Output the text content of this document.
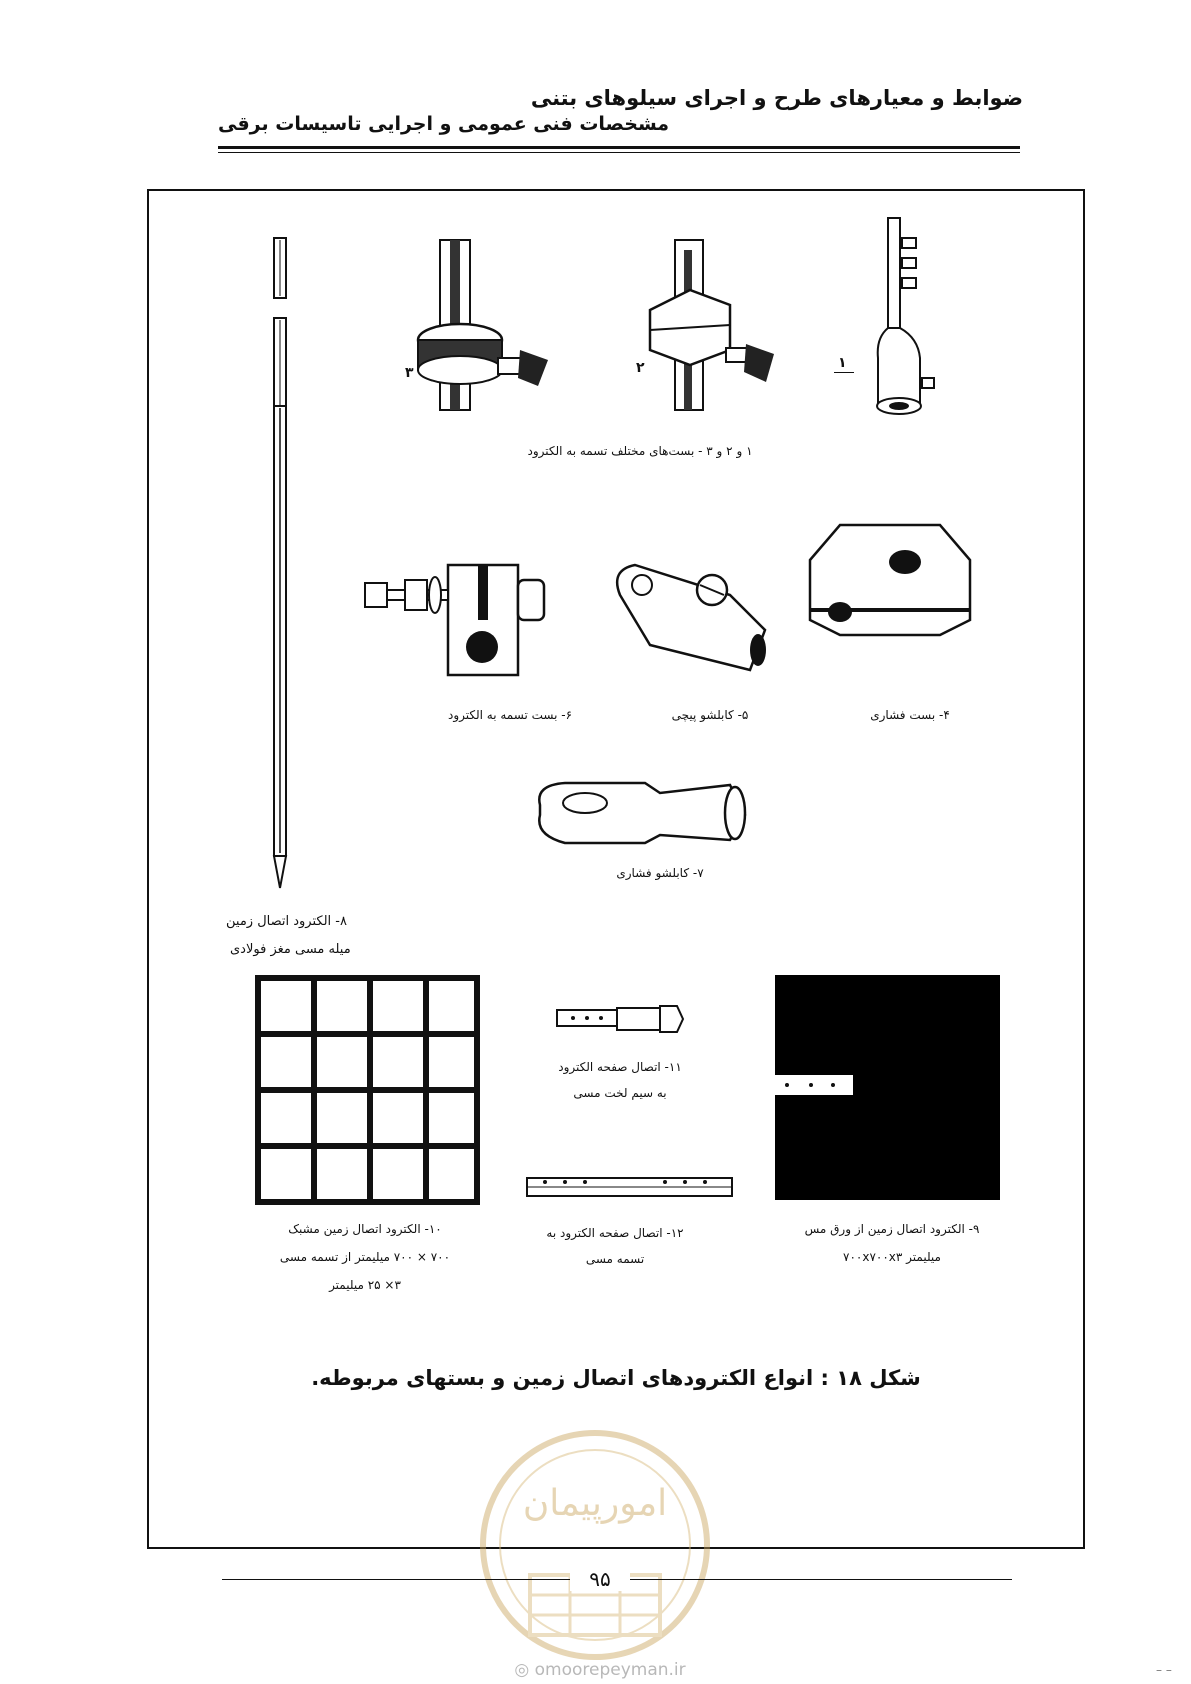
ضوابط و معیارهای طرح و اجرای سیلوهای بتنی
مشخصات فنی عمومی و اجرایی تاسیسات برقی
۸- الکترود اتصال زمین
میله مسی مغز فولادی
۳	۲	۱
۱ و ۲ و ۳ - بست‌های مختلف تسمه به الکترود
۶- بست تسمه به الکترود	۵- کابلشو پیچی	۴- بست فشاری
۷- کابلشو فشاری
۱۰- الکترود اتصال زمین مشبک
۷۰۰ × ۷۰۰ میلیمتر از تسمه مسی
۳× ۲۵ میلیمتر
۱۱- اتصال صفحه الکترود
به سیم لخت مسی
۱۲- اتصال صفحه الکترود به
تسمه مسی
۹- الکترود اتصال زمین از ورق مس
۷۰۰x۷۰۰x۳ میلیمتر
شکل ۱۸ : انواع الکترودهای اتصال زمین و بستهای مربوطه.
امورپیمان
۹۵
◎ omoorepeyman.ir	– –
